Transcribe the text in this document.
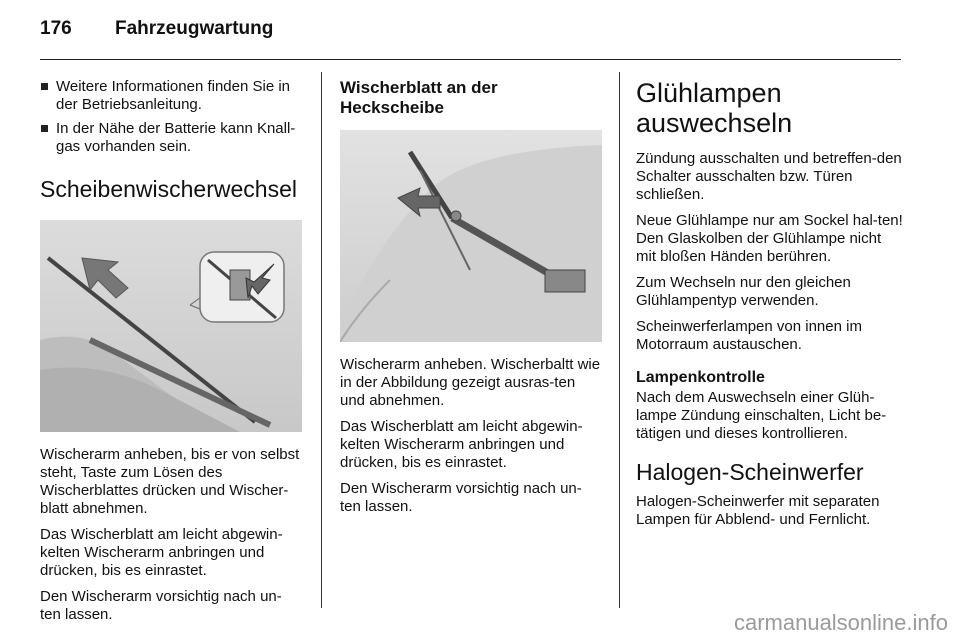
176 Fahrzeugwartung
Weitere Informationen finden Sie in der Betriebsanleitung.
In der Nähe der Batterie kann Knall-gas vorhanden sein.
Scheibenwischerwechsel

Wischerarm anheben, bis er von selbst steht, Taste zum Lösen des Wischerblattes drücken und Wischer-blatt abnehmen.

Das Wischerblatt am leicht abgewin-kelten Wischerarm anbringen und drücken, bis es einrastet.

Den Wischerarm vorsichtig nach un-ten lassen.

Wischerblatt an der Heckscheibe

Wischerarm anheben. Wischerbaltt wie in der Abbildung gezeigt ausras-ten und abnehmen.

Das Wischerblatt am leicht abgewin-kelten Wischerarm anbringen und drücken, bis es einrastet.

Den Wischerarm vorsichtig nach un-ten lassen.

Glühlampen auswechseln

Zündung ausschalten und betreffen-den Schalter ausschalten bzw. Türen schließen.

Neue Glühlampe nur am Sockel hal-ten! Den Glaskolben der Glühlampe nicht mit bloßen Händen berühren.

Zum Wechseln nur den gleichen Glühlampentyp verwenden.

Scheinwerferlampen von innen im Motorraum austauschen.

Lampenkontrolle

Nach dem Auswechseln einer Glüh-lampe Zündung einschalten, Licht be-tätigen und dieses kontrollieren.

Halogen-Scheinwerfer

Halogen-Scheinwerfer mit separaten Lampen für Abblend- und Fernlicht.

carmanualsonline.info
